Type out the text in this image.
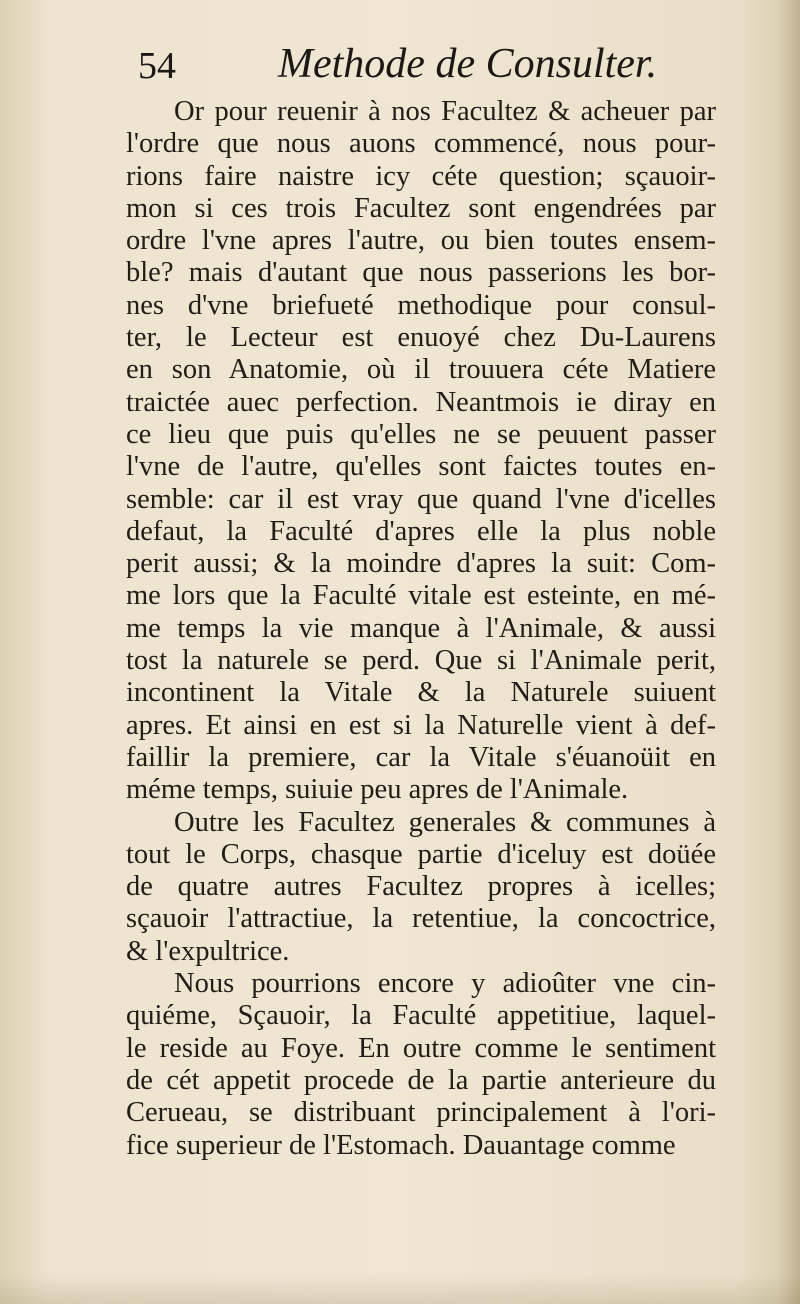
54 Methode de Consulter.
Or pour reuenir à nos Facultez & acheuer par
l'ordre que nous auons commencé, nous pour-
rions faire naistre icy céte question; sçauoir-
mon si ces trois Facultez sont engendrées par
ordre l'vne apres l'autre, ou bien toutes ensem-
ble? mais d'autant que nous passerions les bor-
nes d'vne briefueté methodique pour consul-
ter, le Lecteur est enuoyé chez Du-Laurens
en son Anatomie, où il trouuera céte Matiere
traictée auec perfection. Neantmois ie diray en
ce lieu que puis qu'elles ne se peuuent passer
l'vne de l'autre, qu'elles sont faictes toutes en-
semble: car il est vray que quand l'vne d'icelles
defaut, la Faculté d'apres elle la plus noble
perit aussi; & la moindre d'apres la suit: Com-
me lors que la Faculté vitale est esteinte, en mé-
me temps la vie manque à l'Animale, & aussi
tost la naturele se perd. Que si l'Animale perit,
incontinent la Vitale & la Naturele suiuent
apres. Et ainsi en est si la Naturelle vient à def-
faillir la premiere, car la Vitale s'éuanoüit en
méme temps, suiuie peu apres de l'Animale.
Outre les Facultez generales & communes à
tout le Corps, chasque partie d'iceluy est doüée
de quatre autres Facultez propres à icelles;
sçauoir l'attractiue, la retentiue, la concoctrice,
& l'expultrice.
Nous pourrions encore y adioûter vne cin-
quiéme, Sçauoir, la Faculté appetitiue, laquel-
le reside au Foye. En outre comme le sentiment
de cét appetit procede de la partie anterieure du
Cerueau, se distribuant principalement à l'ori-
fice superieur de l'Estomach. Dauantage comme
